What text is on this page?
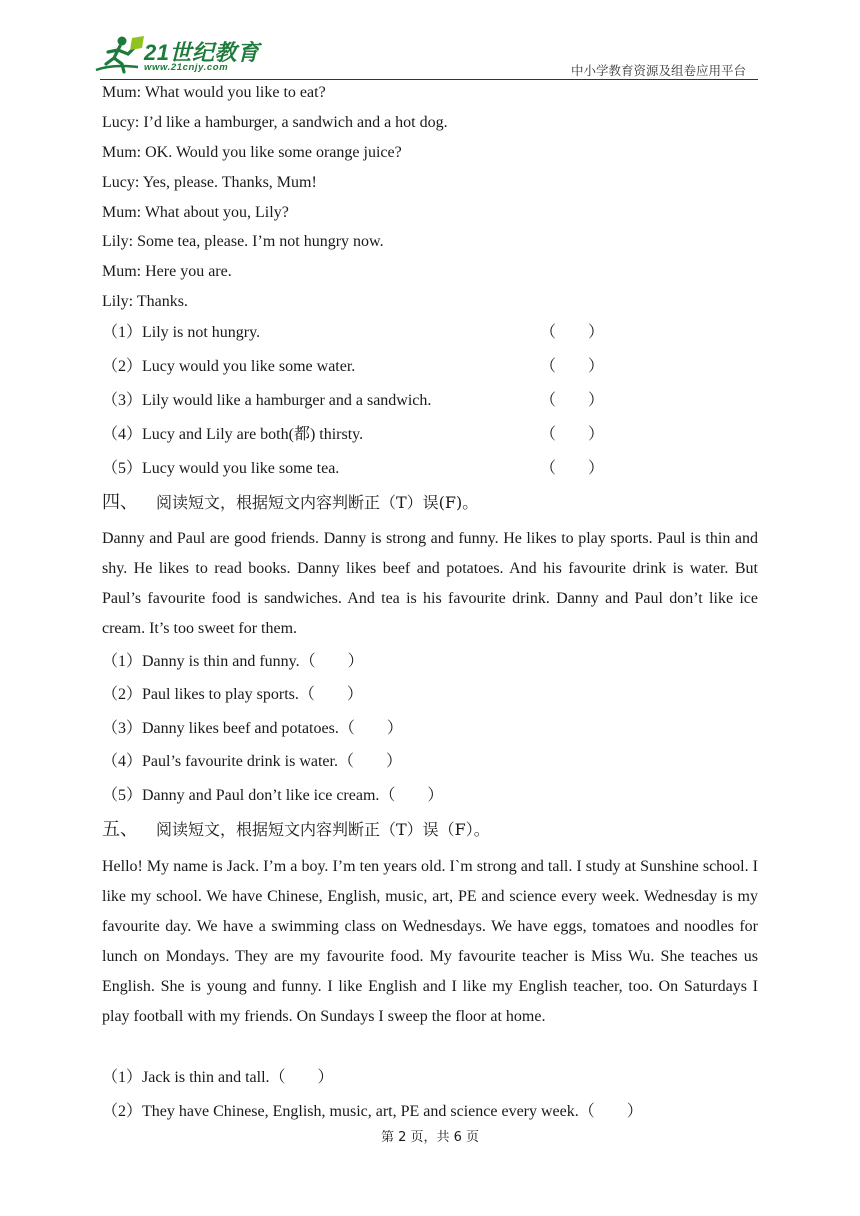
21世纪教育
www.21cnjy.com	中小学教育资源及组卷应用平台
Mum: What would you like to eat?
Lucy: I’d like a hamburger, a sandwich and a hot dog.
Mum: OK. Would you like some orange juice?
Lucy: Yes, please. Thanks, Mum!
Mum: What about you, Lily?
Lily: Some tea, please. I’m not hungry now.
Mum: Here you are.
Lily: Thanks.
（1）Lily is not hungry.	（　　）
（2）Lucy would you like some water.	（　　）
（3）Lily would like a hamburger and a sandwich.	（　　）
（4）Lucy and Lily are both(都) thirsty.	（　　）
（5）Lucy would you like some tea.	（　　）
四、 阅读短文，根据短文内容判断正（T）误(F)。

Danny and Paul are good friends. Danny is strong and funny. He likes to play sports. Paul is thin and shy. He likes to read books. Danny likes beef and potatoes. And his favourite drink is water. But Paul’s favourite food is sandwiches. And tea is his favourite drink. Danny and Paul don’t like ice cream. It’s too sweet for them.

（1）Danny is thin and funny.（　　）
（2）Paul likes to play sports.（　　）
（3）Danny likes beef and potatoes.（　　）
（4）Paul’s favourite drink is water.（　　）
（5）Danny and Paul don’t like ice cream.（　　）
五、 阅读短文，根据短文内容判断正（T）误（F）。

Hello! My name is Jack. I’m a boy. I’m ten years old. I`m strong and tall. I study at Sunshine school. I like my school. We have Chinese, English, music, art, PE and science every week. Wednesday is my favourite day. We have a swimming class on Wednesdays. We have eggs, tomatoes and noodles for lunch on Mondays. They are my favourite food. My favourite teacher is Miss Wu. She teaches us English. She is young and funny. I like English and I like my English teacher, too. On Saturdays I play football with my friends. On Sundays I sweep the floor at home.

（1）Jack is thin and tall.（　　）
（2）They have Chinese, English, music, art, PE and science every week.（　　）
第 2 页，共 6 页
